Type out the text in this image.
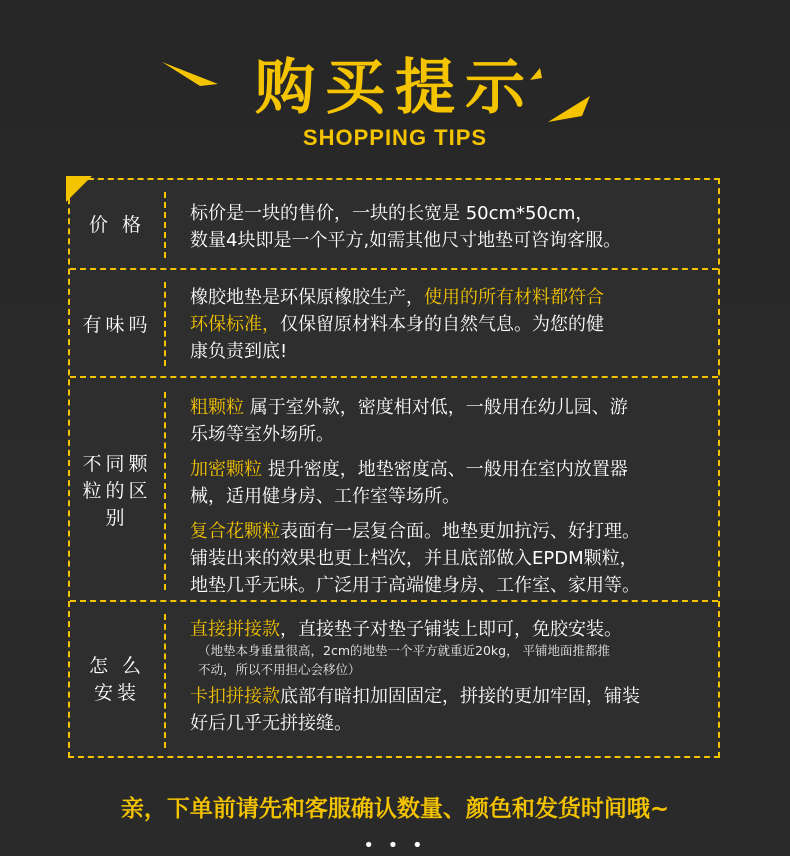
购买提示
SHOPPING TIPS
价 格 标价是一块的售价，一块的长宽是 50cm*50cm，
数量4块即是一个平方,如需其他尺寸地垫可咨询客服。
有味吗
橡胶地垫是环保原橡胶生产，使用的所有材料都符合
环保标准，仅保留原材料本身的自然气息。为您的健
康负责到底!
不同颗
粒的区
别
粗颗粒 属于室外款，密度相对低，一般用在幼儿园、游
乐场等室外场所。
加密颗粒 提升密度，地垫密度高、一般用在室内放置器
械，适用健身房、工作室等场所。
复合花颗粒表面有一层复合面。地垫更加抗污、好打理。
铺装出来的效果也更上档次，并且底部做入EPDM颗粒，
地垫几乎无味。广泛用于高端健身房、工作室、家用等。
怎 么
安装
直接拼接款，直接垫子对垫子铺装上即可，免胶安装。
（地垫本身重量很高，2cm的地垫一个平方就重近20kg， 平铺地面推都推
不动，所以不用担心会移位）
卡扣拼接款底部有暗扣加固固定，拼接的更加牢固，铺装
好后几乎无拼接缝。
亲，下单前请先和客服确认数量、颜色和发货时间哦~
• • •
